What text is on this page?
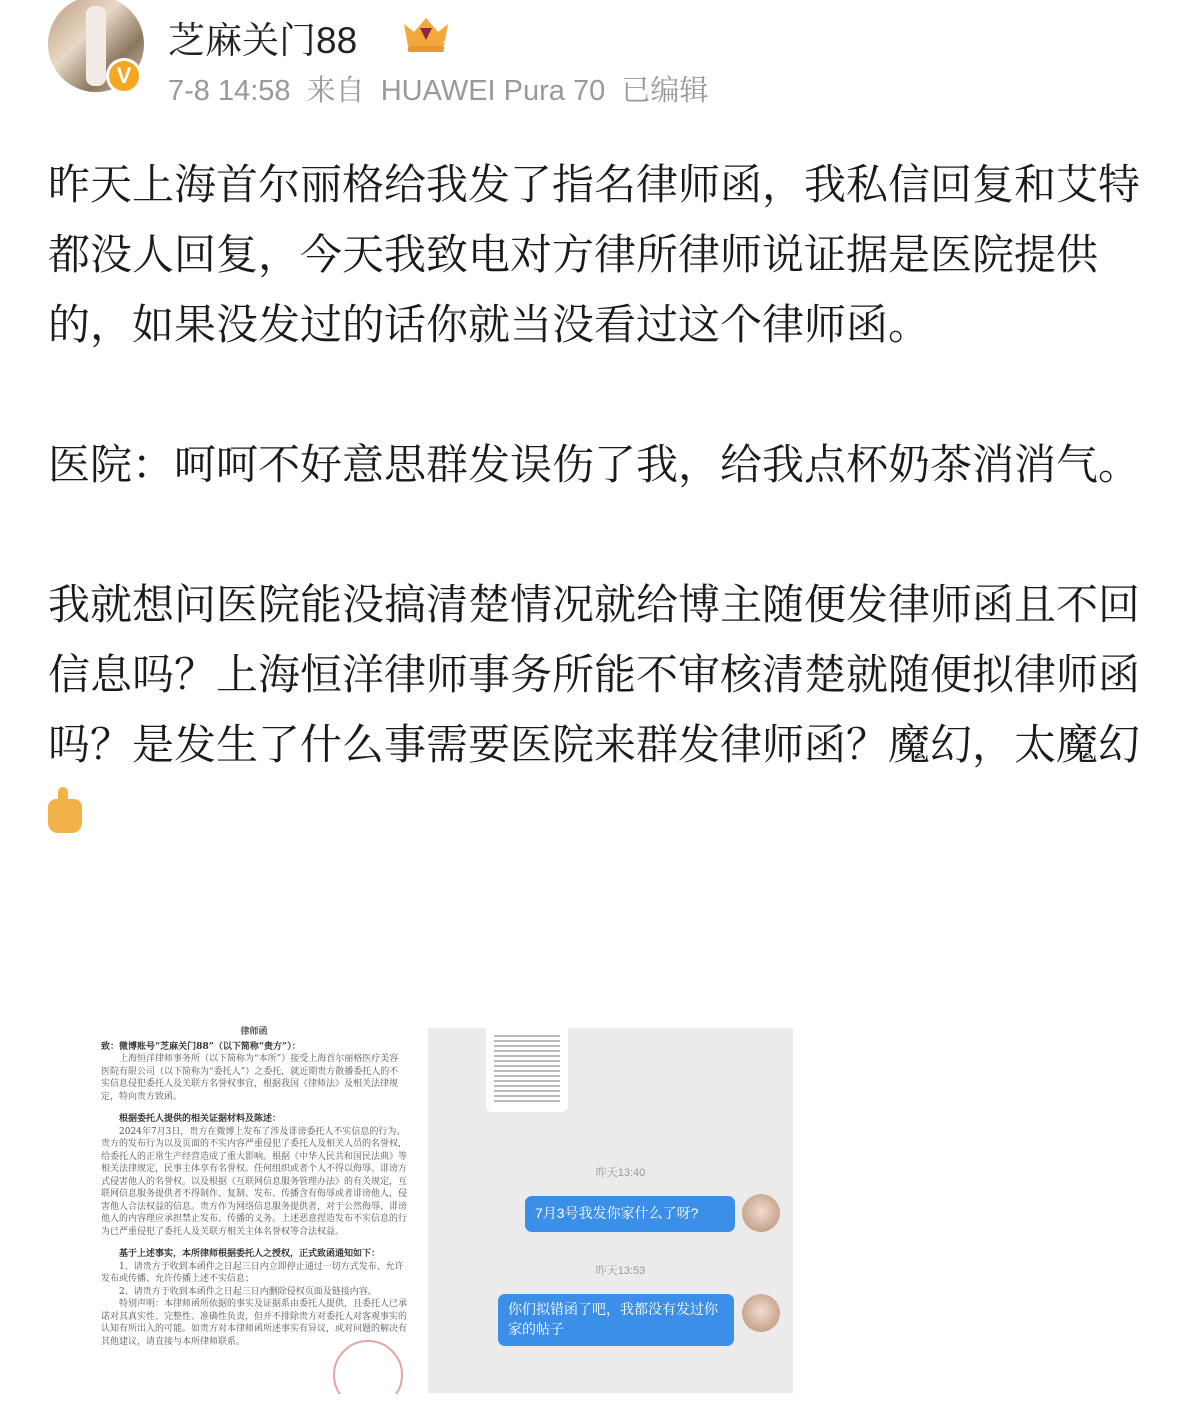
V
芝麻关门88	1
7-8 14:58 来自 HUAWEI Pura 70 已编辑

昨天上海首尔丽格给我发了指名律师函，我私信回复和艾特都没人回复，今天我致电对方律所律师说证据是医院提供的，如果没发过的话你就当没看过这个律师函。

医院：呵呵不好意思群发误伤了我，给我点杯奶茶消消气。

我就想问医院能没搞清楚情况就给博主随便发律师函且不回信息吗？上海恒洋律师事务所能不审核清楚就随便拟律师函吗？是发生了什么事需要医院来群发律师函？魔幻，太魔幻

律师函
致：微博账号“芝麻关门88”（以下简称“贵方”）：
上海恒洋律师事务所（以下简称为“本所”）接受上海首尔丽格医疗美容医院有限公司（以下简称为“委托人”）之委托，就近期贵方散播委托人的不实信息侵犯委托人及关联方名誉权事宜，根据我国《律师法》及相关法律规定，特向贵方致函。
根据委托人提供的相关证据材料及陈述：
2024年7月3日，贵方在微博上发布了涉及诽谤委托人不实信息的行为。贵方的发布行为以及页面的不实内容严重侵犯了委托人及相关人员的名誉权，给委托人的正常生产经营造成了重大影响。根据《中华人民共和国民法典》等相关法律规定，民事主体享有名誉权。任何组织或者个人不得以侮辱、诽谤方式侵害他人的名誉权。以及根据《互联网信息服务管理办法》的有关规定，互联网信息服务提供者不得制作、复制、发布、传播含有侮辱或者诽谤他人，侵害他人合法权益的信息。贵方作为网络信息服务提供者，对于公然侮辱、诽谤他人的内容理应承担禁止发布、传播的义务。上述恶意捏造发布不实信息的行为已严重侵犯了委托人及关联方相关主体名誉权等合法权益。
基于上述事实，本所律师根据委托人之授权，正式致函通知如下：
1、请贵方于收到本函件之日起三日内立即停止通过一切方式发布、允许发布或传播、允许传播上述不实信息；
2、请贵方于收到本函件之日起三日内删除侵权页面及链接内容。
特别声明：本律师函所依据的事实及证据系由委托人提供，且委托人已承诺对其真实性、完整性、准确性负责，但并不排除贵方对委托人对客观事实的认知有所出入的可能。如贵方对本律师函所述事实有异议，或对问题的解决有其他建议，请直接与本所律师联系。
昨天13:40
7月3号我发你家什么了呀?
昨天13:53
你们拟错函了吧，我都没有发过你家的帖子
